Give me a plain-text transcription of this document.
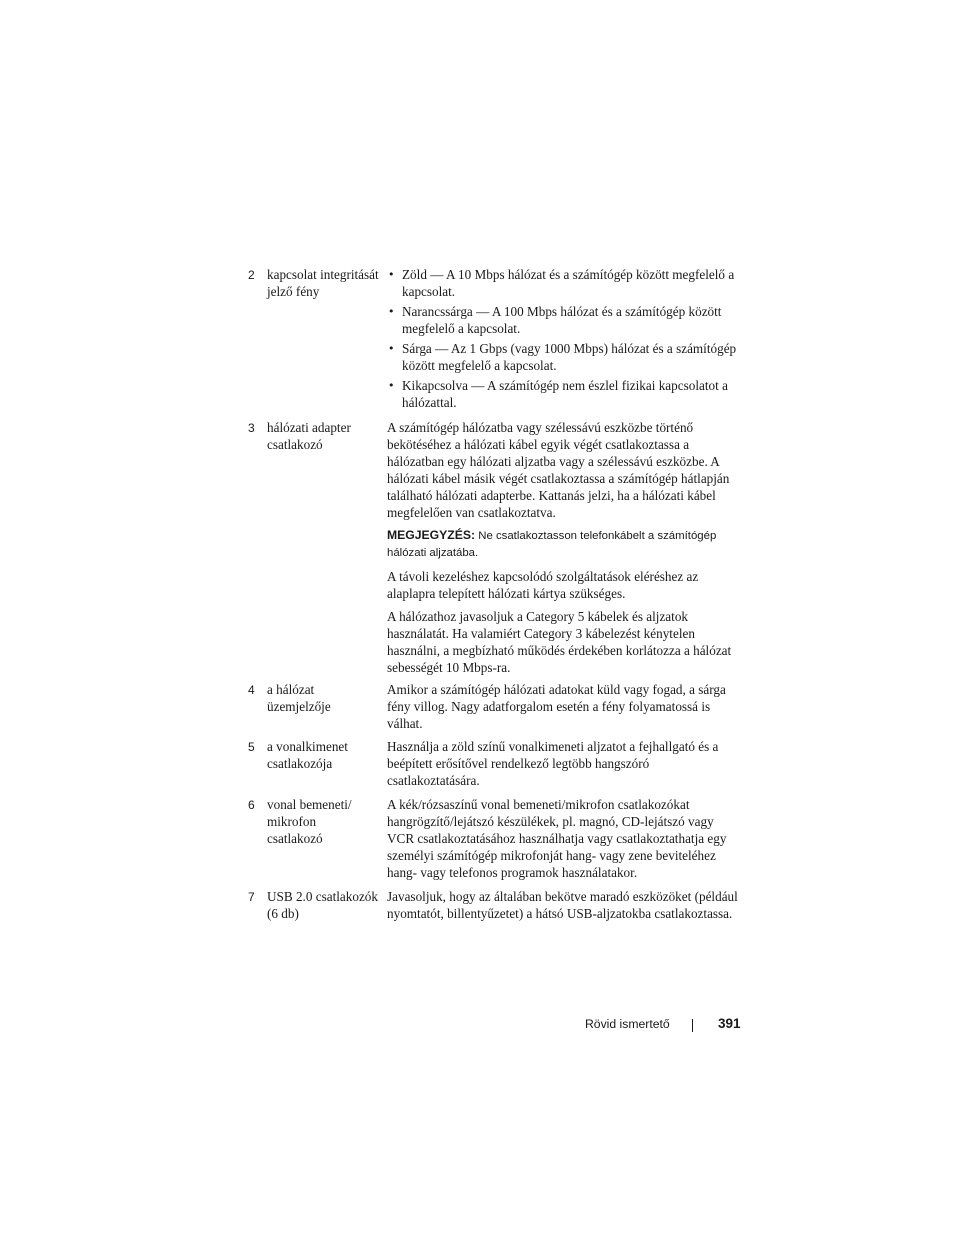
2 kapcsolat integritását jelző fény
• Zöld — A 10 Mbps hálózat és a számítógép között megfelelő a kapcsolat.
• Narancssárga — A 100 Mbps hálózat és a számítógép között megfelelő a kapcsolat.
• Sárga — Az 1 Gbps (vagy 1000 Mbps) hálózat és a számítógép között megfelelő a kapcsolat.
• Kikapcsolva — A számítógép nem észlel fizikai kapcsolatot a hálózattal.
3 hálózati adapter csatlakozó

A számítógép hálózatba vagy szélessávú eszközbe történő bekötéséhez a hálózati kábel egyik végét csatlakoztassa a hálózatban egy hálózati aljzatba vagy a szélessávú eszközbe. A hálózati kábel másik végét csatlakoztassa a számítógép hátlapján található hálózati adapterbe. Kattanás jelzi, ha a hálózati kábel megfelelően van csatlakoztatva.

MEGJEGYZÉS: Ne csatlakoztasson telefonkábelt a számítógép hálózati aljzatába.

A távoli kezeléshez kapcsolódó szolgáltatások eléréshez az alaplapra telepített hálózati kártya szükséges.

A hálózathoz javasoljuk a Category 5 kábelek és aljzatok használatát. Ha valamiért Category 3 kábelezést kénytelen használni, a megbízható működés érdekében korlátozza a hálózat sebességét 10 Mbps-ra.

4 a hálózat üzemjelzője

Amikor a számítógép hálózati adatokat küld vagy fogad, a sárga fény villog. Nagy adatforgalom esetén a fény folyamatossá is válhat.

5 a vonalkimenet csatlakozója

Használja a zöld színű vonalkimeneti aljzatot a fejhallgató és a beépített erősítővel rendelkező legtöbb hangszóró csatlakoztatására.

6 vonal bemeneti/ mikrofon csatlakozó

A kék/rózsaszínű vonal bemeneti/mikrofon csatlakozókat hangrögzítő/lejátszó készülékek, pl. magnó, CD-lejátszó vagy VCR csatlakoztatásához használhatja vagy csatlakoztathatja egy személyi számítógép mikrofonját hang- vagy zene beviteléhez hang- vagy telefonos programok használatakor.

7 USB 2.0 csatlakozók (6 db)

Javasoljuk, hogy az általában bekötve maradó eszközöket (például nyomtatót, billentyűzetet) a hátsó USB-aljzatokba csatlakoztassa.

Rövid ismertető	391
